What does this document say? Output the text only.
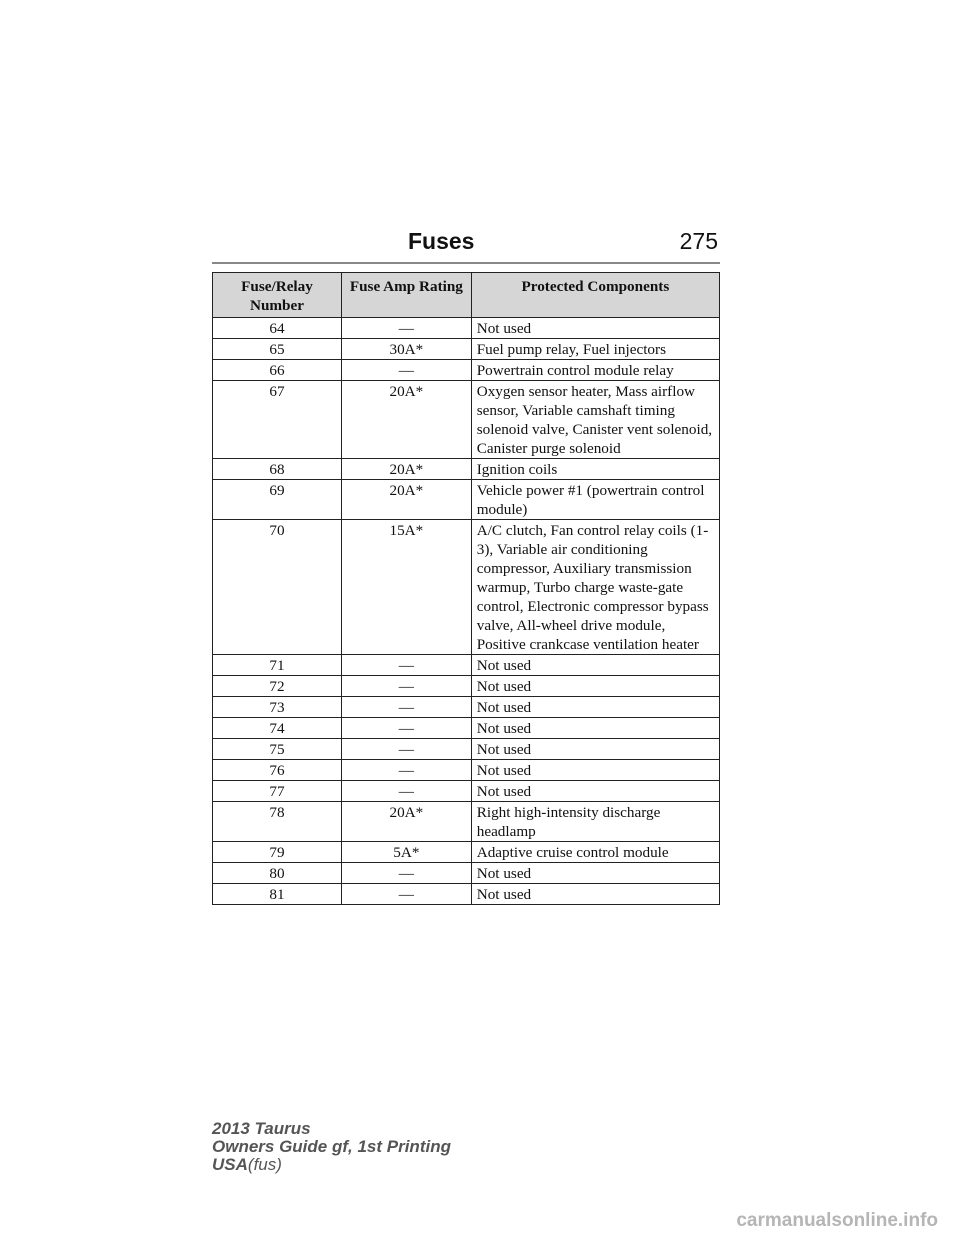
Fuses	275
Fuse/Relay Number	Fuse Amp Rating	Protected Components
64	—	Not used
65	30A*	Fuel pump relay, Fuel injectors
66	—	Powertrain control module relay
67	20A*	Oxygen sensor heater, Mass airflow sensor, Variable camshaft timing solenoid valve, Canister vent solenoid, Canister purge solenoid
68	20A*	Ignition coils
69	20A*	Vehicle power #1 (powertrain control module)
70	15A*	A/C clutch, Fan control relay coils (1-3), Variable air conditioning compressor, Auxiliary transmission warmup, Turbo charge waste-gate control, Electronic compressor bypass valve, All-wheel drive module, Positive crankcase ventilation heater
71	—	Not used
72	—	Not used
73	—	Not used
74	—	Not used
75	—	Not used
76	—	Not used
77	—	Not used
78	20A*	Right high-intensity discharge headlamp
79	5A*	Adaptive cruise control module
80	—	Not used
81	—	Not used
2013 Taurus
Owners Guide gf, 1st Printing
USA(fus)
carmanualsonline.info
